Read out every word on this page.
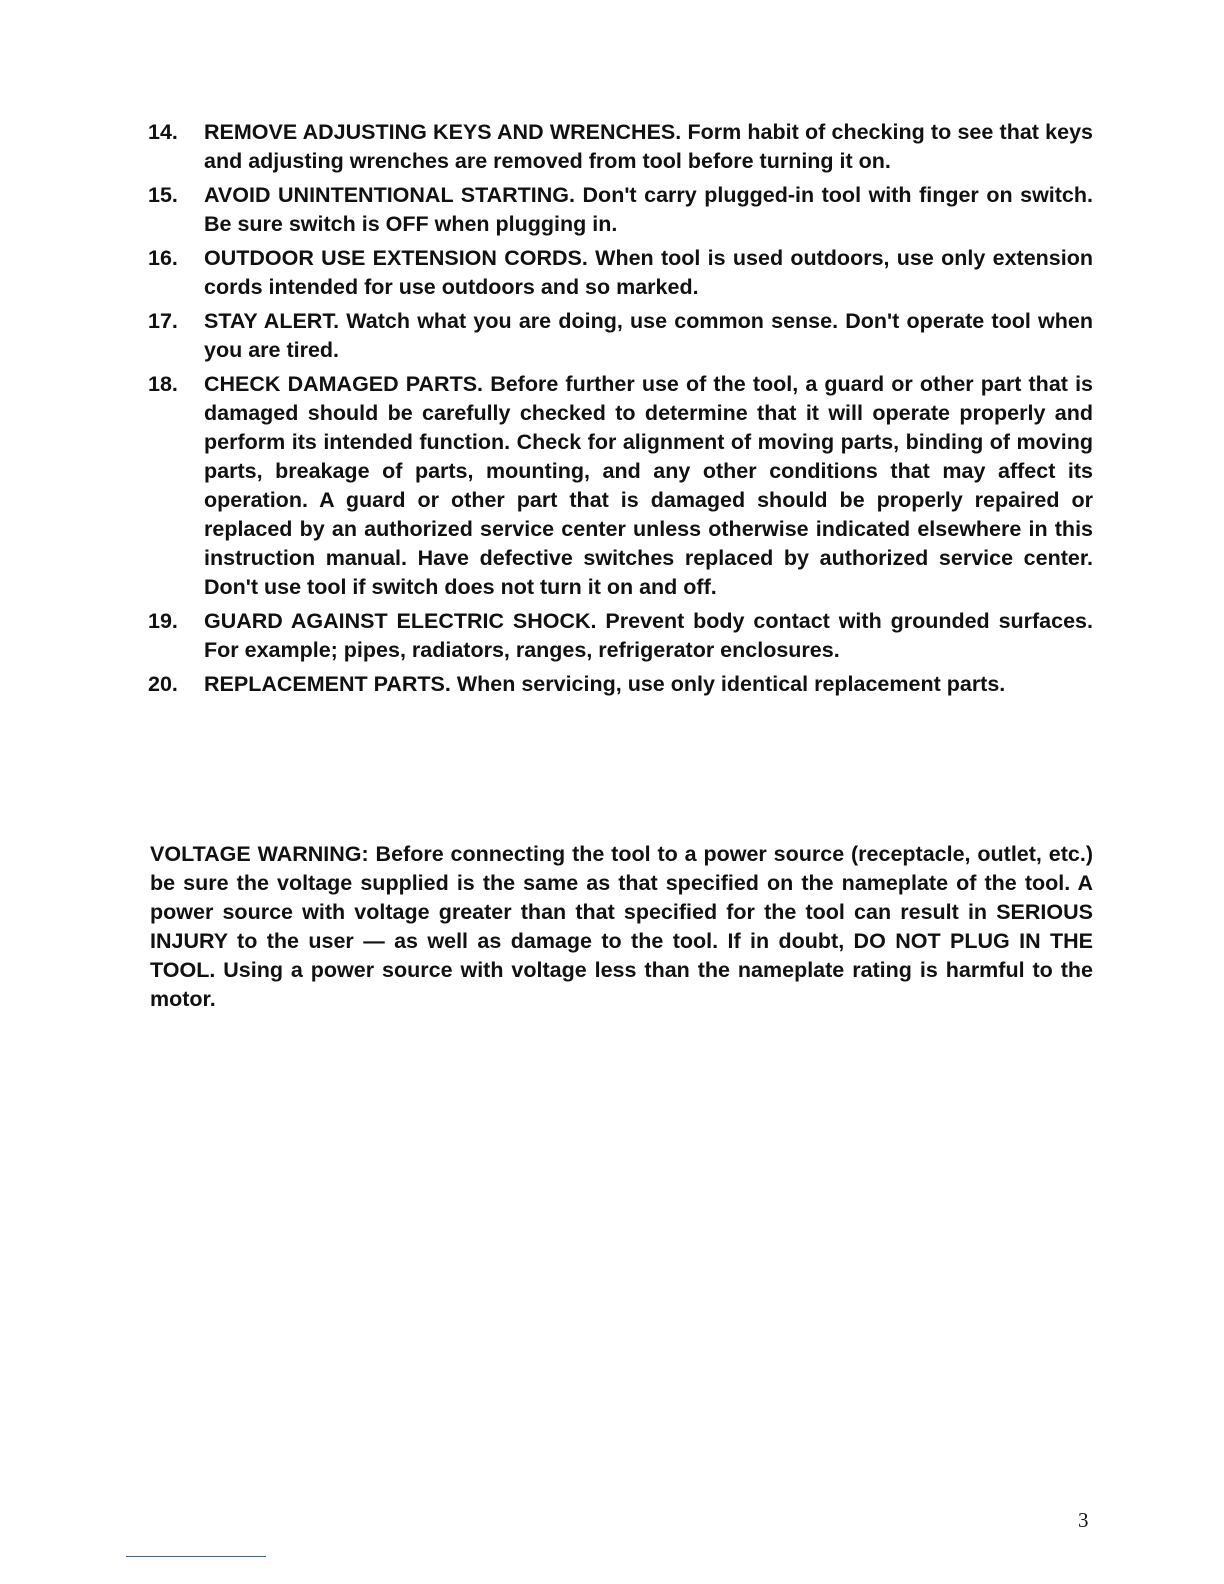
14.	REMOVE ADJUSTING KEYS AND WRENCHES. Form habit of checking to see that keys and adjusting wrenches are removed from tool before turning it on.
15.	AVOID UNINTENTIONAL STARTING. Don't carry plugged-in tool with finger on switch. Be sure switch is OFF when plugging in.
16.	OUTDOOR USE EXTENSION CORDS. When tool is used outdoors, use only extension cords intended for use outdoors and so marked.
17.	STAY ALERT. Watch what you are doing, use common sense. Don't operate tool when you are tired.
18.	CHECK DAMAGED PARTS. Before further use of the tool, a guard or other part that is damaged should be carefully checked to determine that it will operate properly and perform its intended function. Check for alignment of moving parts, binding of moving parts, breakage of parts, mounting, and any other conditions that may affect its operation. A guard or other part that is damaged should be properly repaired or replaced by an authorized service center unless otherwise indicated elsewhere in this instruction manual. Have defective switches replaced by authorized service center. Don't use tool if switch does not turn it on and off.
19.	GUARD AGAINST ELECTRIC SHOCK. Prevent body contact with grounded surfaces. For example; pipes, radiators, ranges, refrigerator enclosures.
20.	REPLACEMENT PARTS. When servicing, use only identical replacement parts.

VOLTAGE WARNING: Before connecting the tool to a power source (receptacle, outlet, etc.) be sure the voltage supplied is the same as that specified on the nameplate of the tool. A power source with voltage greater than that specified for the tool can result in SERIOUS INJURY to the user — as well as damage to the tool. If in doubt, DO NOT PLUG IN THE TOOL. Using a power source with voltage less than the nameplate rating is harmful to the motor.

3
